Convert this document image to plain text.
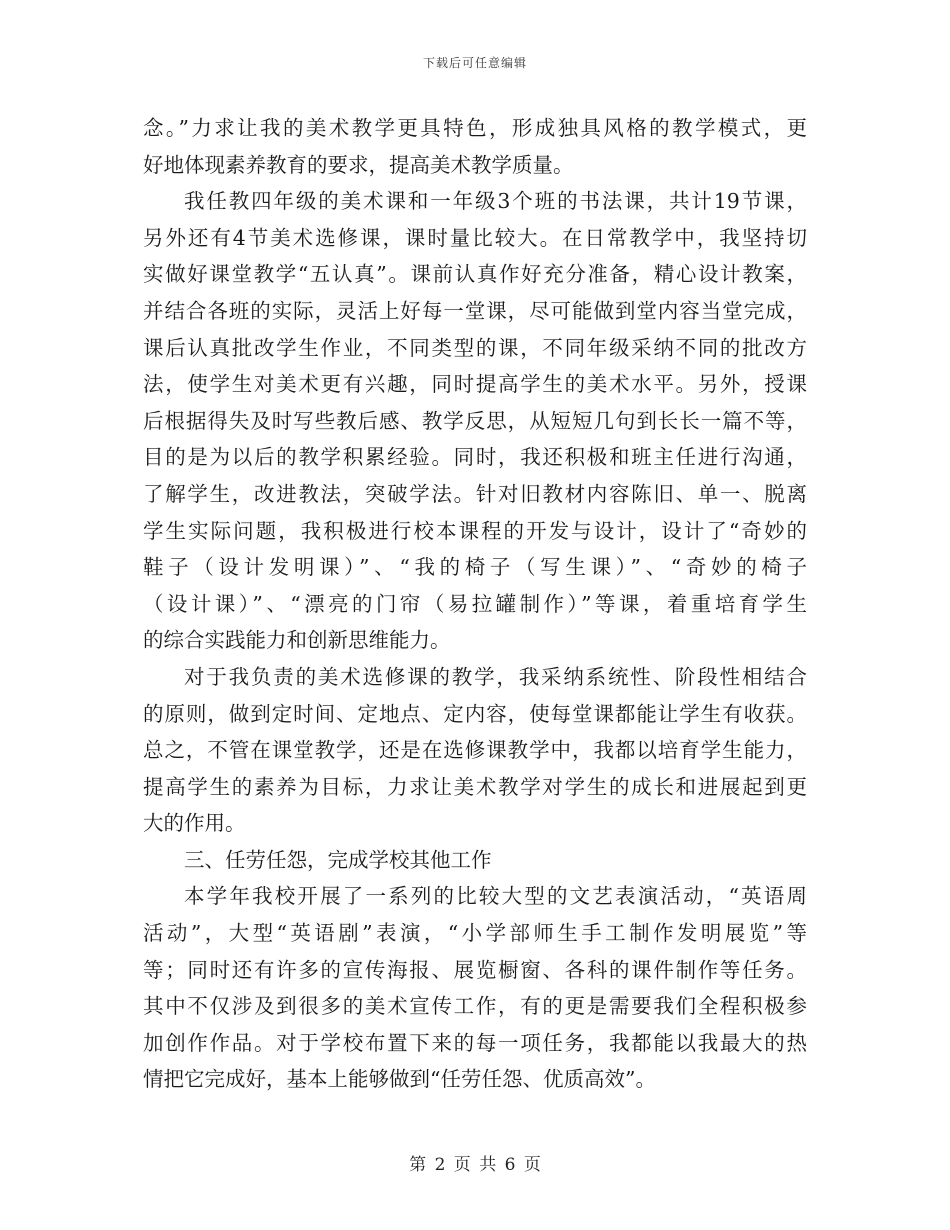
下载后可任意编辑
念。”力求让我的美术教学更具特色，形成独具风格的教学模式，更
好地体现素养教育的要求，提高美术教学质量。
我任教四年级的美术课和一年级3个班的书法课，共计19节课，
另外还有4节美术选修课，课时量比较大。在日常教学中，我坚持切
实做好课堂教学“五认真”。课前认真作好充分准备，精心设计教案，
并结合各班的实际，灵活上好每一堂课，尽可能做到堂内容当堂完成，
课后认真批改学生作业，不同类型的课，不同年级采纳不同的批改方
法，使学生对美术更有兴趣，同时提高学生的美术水平。另外，授课
后根据得失及时写些教后感、教学反思，从短短几句到长长一篇不等，
目的是为以后的教学积累经验。同时，我还积极和班主任进行沟通，
了解学生，改进教法，突破学法。针对旧教材内容陈旧、单一、脱离
学生实际问题，我积极进行校本课程的开发与设计，设计了“奇妙的
鞋子（设计发明课）”、“我的椅子（写生课）”、“奇妙的椅子
（设计课）”、“漂亮的门帘（易拉罐制作）”等课，着重培育学生
的综合实践能力和创新思维能力。
对于我负责的美术选修课的教学，我采纳系统性、阶段性相结合
的原则，做到定时间、定地点、定内容，使每堂课都能让学生有收获。
总之，不管在课堂教学，还是在选修课教学中，我都以培育学生能力，
提高学生的素养为目标，力求让美术教学对学生的成长和进展起到更
大的作用。
三、任劳任怨，完成学校其他工作
本学年我校开展了一系列的比较大型的文艺表演活动，“英语周
活动”，大型“英语剧”表演，“小学部师生手工制作发明展览”等
等；同时还有许多的宣传海报、展览橱窗、各科的课件制作等任务。
其中不仅涉及到很多的美术宣传工作，有的更是需要我们全程积极参
加创作作品。对于学校布置下来的每一项任务，我都能以我最大的热
情把它完成好，基本上能够做到“任劳任怨、优质高效”。
第 2 页 共 6 页
